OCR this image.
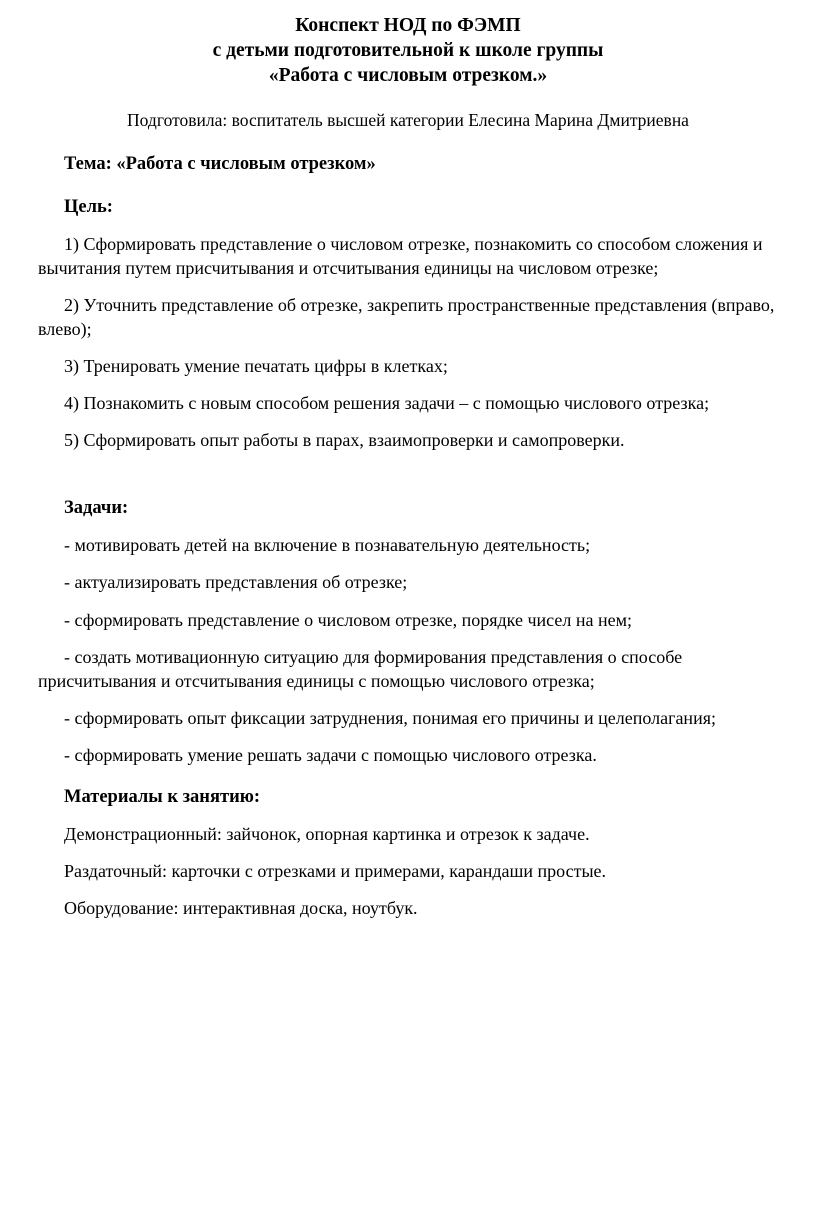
Конспект НОД по ФЭМП
с детьми подготовительной к школе группы
«Работа с числовым отрезком.»
Подготовила: воспитатель высшей категории Елесина Марина Дмитриевна
Тема: «Работа с числовым отрезком»
Цель:

1) Сформировать представление о числовом отрезке, познакомить со способом сложения и вычитания путем присчитывания и отсчитывания единицы на числовом отрезке;

2) Уточнить представление об отрезке, закрепить пространственные представления (вправо, влево);

3) Тренировать умение печатать цифры в клетках;

4) Познакомить с новым способом решения задачи – с помощью числового отрезка;

5) Сформировать опыт работы в парах, взаимопроверки и самопроверки.

Задачи:

- мотивировать детей на включение в познавательную деятельность;

- актуализировать представления об отрезке;

- сформировать представление о числовом отрезке, порядке чисел на нем;

- создать мотивационную ситуацию для формирования представления о способе присчитывания и отсчитывания единицы с помощью числового отрезка;

- сформировать опыт фиксации затруднения, понимая его причины и целеполагания;

- сформировать умение решать задачи с помощью числового отрезка.

Материалы к занятию:

Демонстрационный: зайчонок, опорная картинка и отрезок к задаче.

Раздаточный: карточки с отрезками и примерами, карандаши простые.

Оборудование: интерактивная доска, ноутбук.
